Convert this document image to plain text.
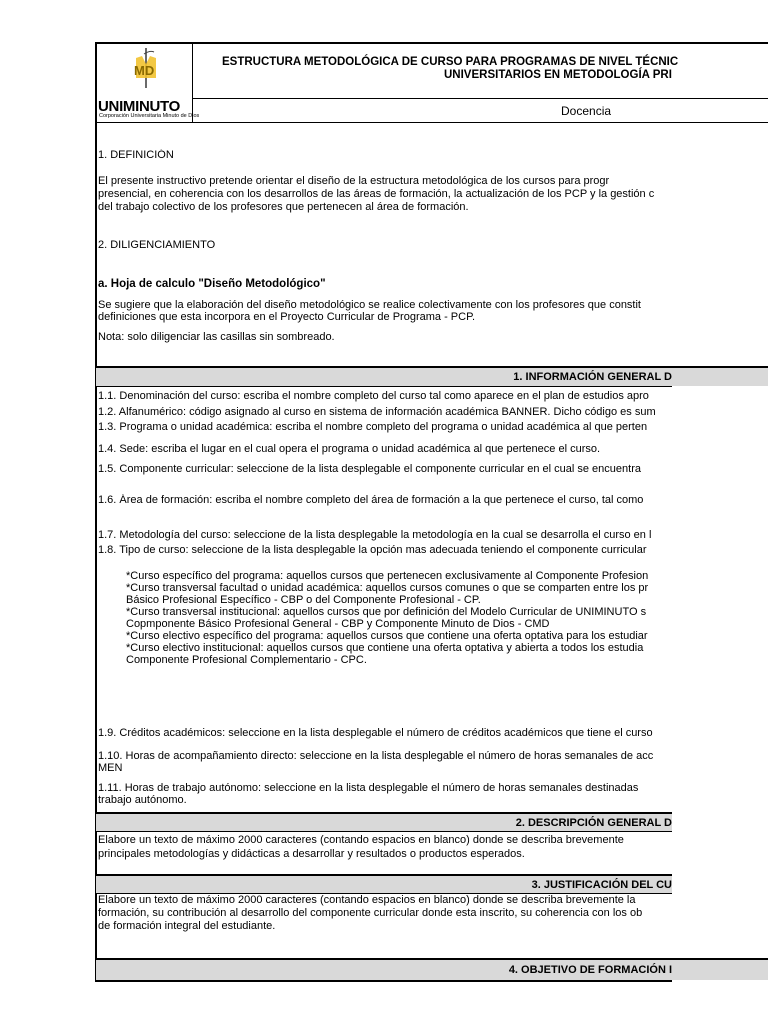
MD
UNIMINUTO
Corporación Universitaria Minuto de Dios
ESTRUCTURA METODOLÓGICA DE CURSO PARA PROGRAMAS DE NIVEL TÉCNIC
UNIVERSITARIOS EN METODOLOGÍA PRI
Docencia
1. DEFINICIÓN
El presente instructivo pretende orientar el diseño de la estructura metodológica de los cursos para progr
presencial, en coherencia con los desarrollos de las áreas de formación, la actualización de los PCP y la gestión c
del trabajo colectivo de los profesores que pertenecen al área de formación.
2. DILIGENCIAMIENTO
a. Hoja de calculo "Diseño Metodológico"
Se sugiere que la elaboración del diseño metodológico se realice colectivamente con los profesores que constit
definiciones que esta incorpora en el Proyecto Curricular de Programa - PCP.
Nota: solo diligenciar las casillas sin sombreado.
1. INFORMACIÓN GENERAL D
1.1. Denominación del curso: escriba el nombre completo del curso tal como aparece en el plan de estudios apro
1.2. Alfanumérico: código asignado al curso en sistema de información académica BANNER. Dicho código es sum
1.3. Programa o unidad académica: escriba el nombre completo del programa o unidad académica al que perten
1.4. Sede: escriba el lugar en el cual opera el programa o unidad académica al que pertenece el curso.
1.5. Componente curricular: seleccione de la lista desplegable el componente curricular en el cual se encuentra
1.6. Área de formación: escriba el nombre completo del área de formación a la que pertenece el curso, tal como
1.7. Metodología del curso: seleccione de la lista desplegable la metodología en la cual se desarrolla el curso en l
1.8. Tipo de curso: seleccione de la lista desplegable la opción mas adecuada teniendo el componente curricular
*Curso específico del programa: aquellos cursos que pertenecen exclusivamente al Componente Profesion
*Curso transversal facultad o unidad académica: aquellos cursos comunes o que se comparten entre los pr
Básico Profesional Específico - CBP o del Componente Profesional - CP.
*Curso transversal institucional: aquellos cursos que por definición del Modelo Curricular de UNIMINUTO s
Copmponente Básico Profesional General - CBP y Componente Minuto de Dios - CMD
*Curso electivo específico del programa: aquellos cursos que contiene una oferta optativa para los estudiar
*Curso electivo institucional: aquellos cursos que contiene una oferta optativa y abierta a todos los estudia
Componente Profesional Complementario - CPC.
1.9. Créditos académicos: seleccione en la lista desplegable el número de créditos académicos que tiene el curso
1.10. Horas de acompañamiento directo: seleccione en la lista desplegable el número de horas semanales de acc
MEN
1.11. Horas de trabajo autónomo: seleccione en la lista desplegable el número de horas semanales destinadas
trabajo autónomo.
2. DESCRIPCIÓN GENERAL D
Elabore un texto de máximo 2000 caracteres (contando espacios en blanco) donde se describa brevemente
principales metodologías y didácticas a desarrollar y resultados o productos esperados.
3. JUSTIFICACIÓN DEL CU
Elabore un texto de máximo 2000 caracteres (contando espacios en blanco) donde se describa brevemente la
formación, su contribución al desarrollo del componente curricular donde esta inscrito, su coherencia con los ob
de formación integral del estudiante.
4. OBJETIVO DE FORMACIÓN I
